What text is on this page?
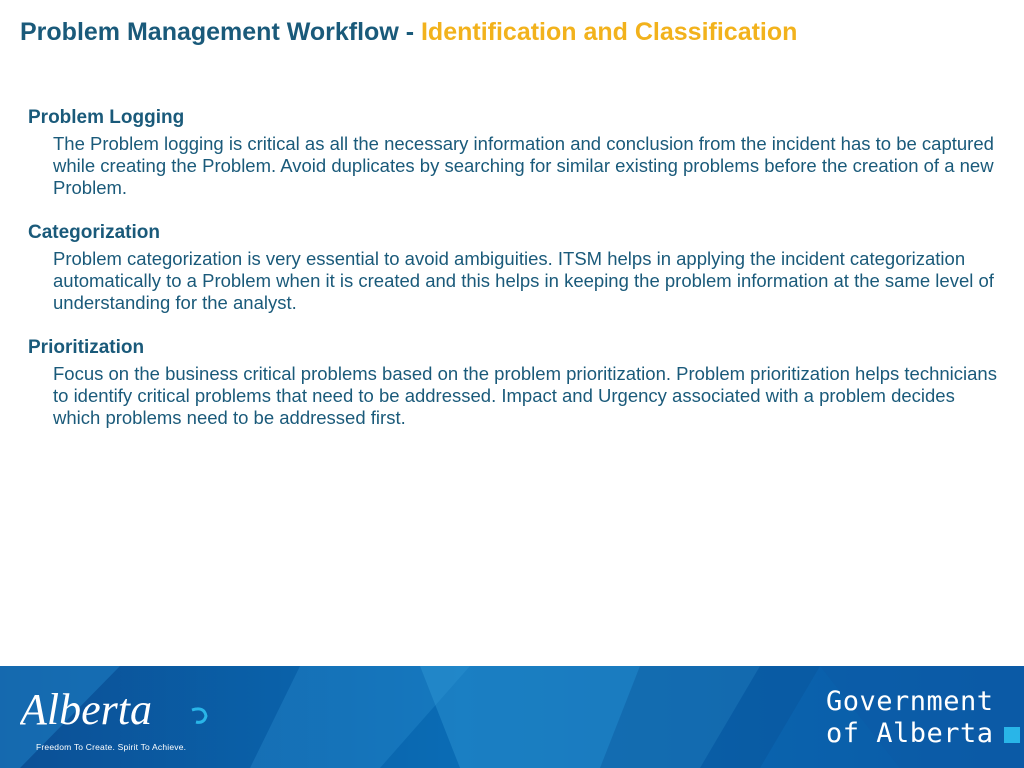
Problem Management Workflow - Identification and Classification
Problem Logging

The Problem logging is critical as all the necessary information and conclusion from the incident has to be captured while creating the Problem. Avoid duplicates by searching for similar existing problems before the creation of a new Problem.

Categorization

Problem categorization is very essential to avoid ambiguities. ITSM helps in applying the incident categorization automatically to a Problem when it is created and this helps in keeping the problem information at the same level of understanding for the analyst.

Prioritization

Focus on the business critical problems based on the problem prioritization. Problem prioritization helps technicians to identify critical problems that need to be addressed. Impact and Urgency associated with a problem decides which problems need to be addressed first.

Alberta
Freedom To Create. Spirit To Achieve.
Government
of Alberta
